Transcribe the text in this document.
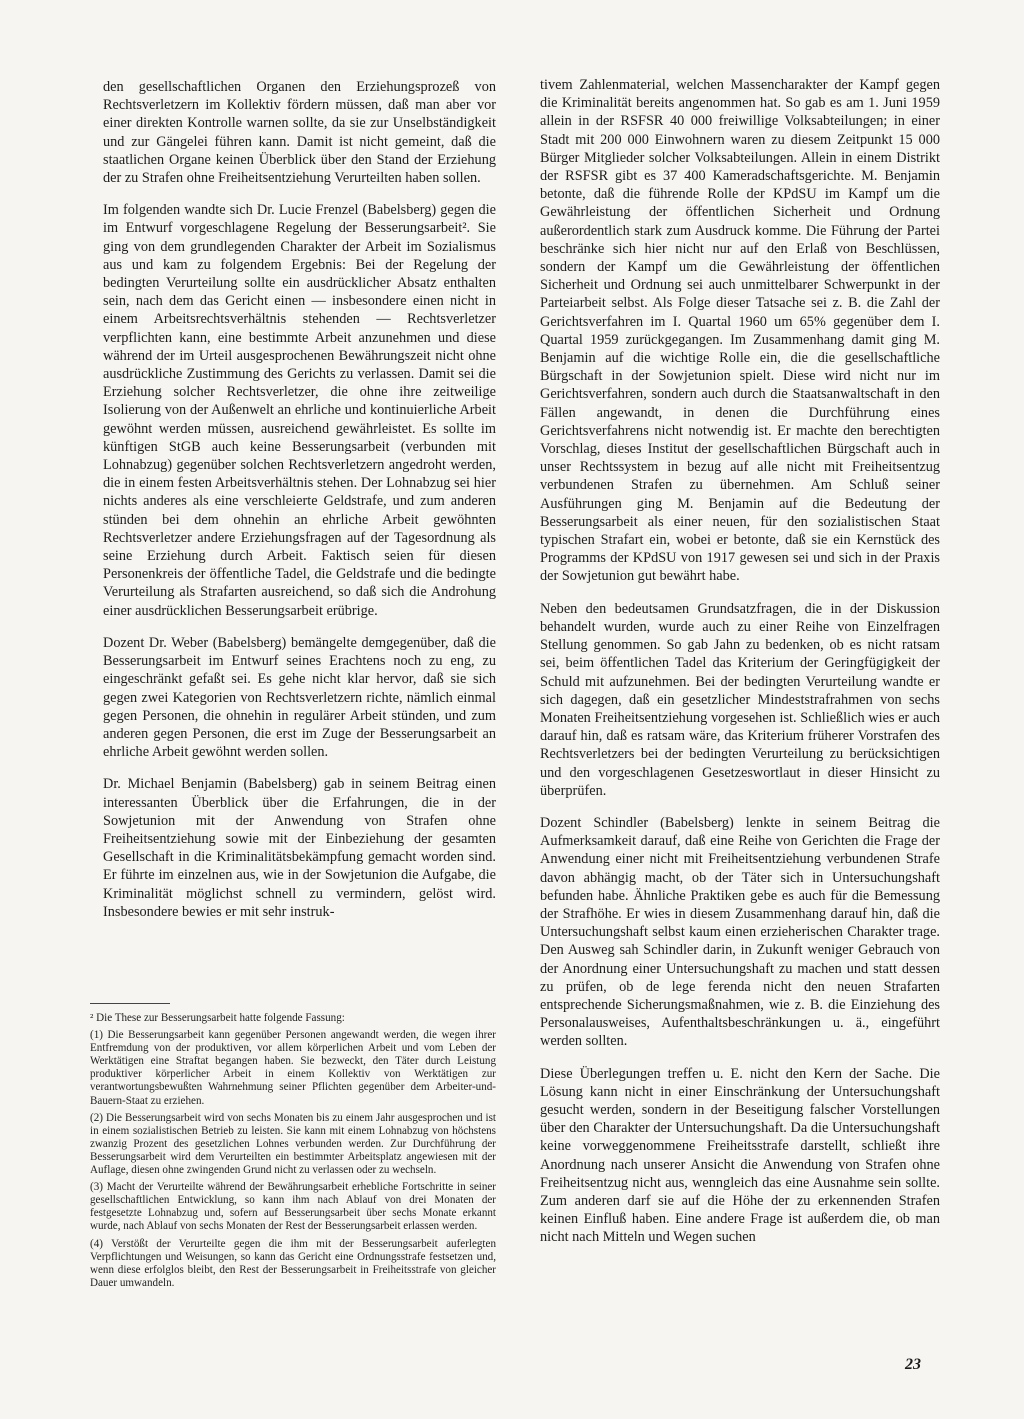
den gesellschaftlichen Organen den Erziehungsprozeß von Rechtsverletzern im Kollektiv fördern müssen, daß man aber vor einer direkten Kontrolle warnen sollte, da sie zur Unselbständigkeit und zur Gängelei führen kann. Damit ist nicht gemeint, daß die staatlichen Organe keinen Überblick über den Stand der Erziehung der zu Strafen ohne Freiheitsentziehung Verurteilten haben sollen.

Im folgenden wandte sich Dr. Lucie Frenzel (Babelsberg) gegen die im Entwurf vorgeschlagene Regelung der Besserungsarbeit². Sie ging von dem grundlegenden Charakter der Arbeit im Sozialismus aus und kam zu folgendem Ergebnis: Bei der Regelung der bedingten Verurteilung sollte ein ausdrücklicher Absatz enthalten sein, nach dem das Gericht einen — insbesondere einen nicht in einem Arbeitsrechtsverhältnis stehenden — Rechtsverletzer verpflichten kann, eine bestimmte Arbeit anzunehmen und diese während der im Urteil ausgesprochenen Bewährungszeit nicht ohne ausdrückliche Zustimmung des Gerichts zu verlassen. Damit sei die Erziehung solcher Rechtsverletzer, die ohne ihre zeitweilige Isolierung von der Außenwelt an ehrliche und kontinuierliche Arbeit gewöhnt werden müssen, ausreichend gewährleistet. Es sollte im künftigen StGB auch keine Besserungsarbeit (verbunden mit Lohnabzug) gegenüber solchen Rechtsverletzern angedroht werden, die in einem festen Arbeitsverhältnis stehen. Der Lohnabzug sei hier nichts anderes als eine verschleierte Geldstrafe, und zum anderen stünden bei dem ohnehin an ehrliche Arbeit gewöhnten Rechtsverletzer andere Erziehungsfragen auf der Tagesordnung als seine Erziehung durch Arbeit. Faktisch seien für diesen Personenkreis der öffentliche Tadel, die Geldstrafe und die bedingte Verurteilung als Strafarten ausreichend, so daß sich die Androhung einer ausdrücklichen Besserungsarbeit erübrige.

Dozent Dr. Weber (Babelsberg) bemängelte demgegenüber, daß die Besserungsarbeit im Entwurf seines Erachtens noch zu eng, zu eingeschränkt gefaßt sei. Es gehe nicht klar hervor, daß sie sich gegen zwei Kategorien von Rechtsverletzern richte, nämlich einmal gegen Personen, die ohnehin in regulärer Arbeit stünden, und zum anderen gegen Personen, die erst im Zuge der Besserungsarbeit an ehrliche Arbeit gewöhnt werden sollen.

Dr. Michael Benjamin (Babelsberg) gab in seinem Beitrag einen interessanten Überblick über die Erfahrungen, die in der Sowjetunion mit der Anwendung von Strafen ohne Freiheitsentziehung sowie mit der Einbeziehung der gesamten Gesellschaft in die Kriminalitätsbekämpfung gemacht worden sind. Er führte im einzelnen aus, wie in der Sowjetunion die Aufgabe, die Kriminalität möglichst schnell zu vermindern, gelöst wird. Insbesondere bewies er mit sehr instruk-

² Die These zur Besserungsarbeit hatte folgende Fassung:

(1) Die Besserungsarbeit kann gegenüber Personen angewandt werden, die wegen ihrer Entfremdung von der produktiven, vor allem körperlichen Arbeit und vom Leben der Werktätigen eine Straftat begangen haben. Sie bezweckt, den Täter durch Leistung produktiver körperlicher Arbeit in einem Kollektiv von Werktätigen zur verantwortungsbewußten Wahrnehmung seiner Pflichten gegenüber dem Arbeiter-und-Bauern-Staat zu erziehen.

(2) Die Besserungsarbeit wird von sechs Monaten bis zu einem Jahr ausgesprochen und ist in einem sozialistischen Betrieb zu leisten. Sie kann mit einem Lohnabzug von höchstens zwanzig Prozent des gesetzlichen Lohnes verbunden werden. Zur Durchführung der Besserungsarbeit wird dem Verurteilten ein bestimmter Arbeitsplatz angewiesen mit der Auflage, diesen ohne zwingenden Grund nicht zu verlassen oder zu wechseln.

(3) Macht der Verurteilte während der Bewährungsarbeit erhebliche Fortschritte in seiner gesellschaftlichen Entwicklung, so kann ihm nach Ablauf von drei Monaten der festgesetzte Lohnabzug und, sofern auf Besserungsarbeit über sechs Monate erkannt wurde, nach Ablauf von sechs Monaten der Rest der Besserungsarbeit erlassen werden.

(4) Verstößt der Verurteilte gegen die ihm mit der Besserungsarbeit auferlegten Verpflichtungen und Weisungen, so kann das Gericht eine Ordnungsstrafe festsetzen und, wenn diese erfolglos bleibt, den Rest der Besserungsarbeit in Freiheitsstrafe von gleicher Dauer umwandeln.

tivem Zahlenmaterial, welchen Massencharakter der Kampf gegen die Kriminalität bereits angenommen hat. So gab es am 1. Juni 1959 allein in der RSFSR 40 000 freiwillige Volksabteilungen; in einer Stadt mit 200 000 Einwohnern waren zu diesem Zeitpunkt 15 000 Bürger Mitglieder solcher Volksabteilungen. Allein in einem Distrikt der RSFSR gibt es 37 400 Kameradschaftsgerichte. M. Benjamin betonte, daß die führende Rolle der KPdSU im Kampf um die Gewährleistung der öffentlichen Sicherheit und Ordnung außerordentlich stark zum Ausdruck komme. Die Führung der Partei beschränke sich hier nicht nur auf den Erlaß von Beschlüssen, sondern der Kampf um die Gewährleistung der öffentlichen Sicherheit und Ordnung sei auch unmittelbarer Schwerpunkt in der Parteiarbeit selbst. Als Folge dieser Tatsache sei z. B. die Zahl der Gerichtsverfahren im I. Quartal 1960 um 65% gegenüber dem I. Quartal 1959 zurückgegangen. Im Zusammenhang damit ging M. Benjamin auf die wichtige Rolle ein, die die gesellschaftliche Bürgschaft in der Sowjetunion spielt. Diese wird nicht nur im Gerichtsverfahren, sondern auch durch die Staatsanwaltschaft in den Fällen angewandt, in denen die Durchführung eines Gerichtsverfahrens nicht notwendig ist. Er machte den berechtigten Vorschlag, dieses Institut der gesellschaftlichen Bürgschaft auch in unser Rechtssystem in bezug auf alle nicht mit Freiheitsentzug verbundenen Strafen zu übernehmen. Am Schluß seiner Ausführungen ging M. Benjamin auf die Bedeutung der Besserungsarbeit als einer neuen, für den sozialistischen Staat typischen Strafart ein, wobei er betonte, daß sie ein Kernstück des Programms der KPdSU von 1917 gewesen sei und sich in der Praxis der Sowjetunion gut bewährt habe.

Neben den bedeutsamen Grundsatzfragen, die in der Diskussion behandelt wurden, wurde auch zu einer Reihe von Einzelfragen Stellung genommen. So gab Jahn zu bedenken, ob es nicht ratsam sei, beim öffentlichen Tadel das Kriterium der Geringfügigkeit der Schuld mit aufzunehmen. Bei der bedingten Verurteilung wandte er sich dagegen, daß ein gesetzlicher Mindeststrafrahmen von sechs Monaten Freiheitsentziehung vorgesehen ist. Schließlich wies er auch darauf hin, daß es ratsam wäre, das Kriterium früherer Vorstrafen des Rechtsverletzers bei der bedingten Verurteilung zu berücksichtigen und den vorgeschlagenen Gesetzeswortlaut in dieser Hinsicht zu überprüfen.

Dozent Schindler (Babelsberg) lenkte in seinem Beitrag die Aufmerksamkeit darauf, daß eine Reihe von Gerichten die Frage der Anwendung einer nicht mit Freiheitsentziehung verbundenen Strafe davon abhängig macht, ob der Täter sich in Untersuchungshaft befunden habe. Ähnliche Praktiken gebe es auch für die Bemessung der Strafhöhe. Er wies in diesem Zusammenhang darauf hin, daß die Untersuchungshaft selbst kaum einen erzieherischen Charakter trage. Den Ausweg sah Schindler darin, in Zukunft weniger Gebrauch von der Anordnung einer Untersuchungshaft zu machen und statt dessen zu prüfen, ob de lege ferenda nicht den neuen Strafarten entsprechende Sicherungsmaßnahmen, wie z. B. die Einziehung des Personalausweises, Aufenthaltsbeschränkungen u. ä., eingeführt werden sollten.

Diese Überlegungen treffen u. E. nicht den Kern der Sache. Die Lösung kann nicht in einer Einschränkung der Untersuchungshaft gesucht werden, sondern in der Beseitigung falscher Vorstellungen über den Charakter der Untersuchungshaft. Da die Untersuchungshaft keine vorweggenommene Freiheitsstrafe darstellt, schließt ihre Anordnung nach unserer Ansicht die Anwendung von Strafen ohne Freiheitsentzug nicht aus, wenngleich das eine Ausnahme sein sollte. Zum anderen darf sie auf die Höhe der zu erkennenden Strafen keinen Einfluß haben. Eine andere Frage ist außerdem die, ob man nicht nach Mitteln und Wegen suchen

23
